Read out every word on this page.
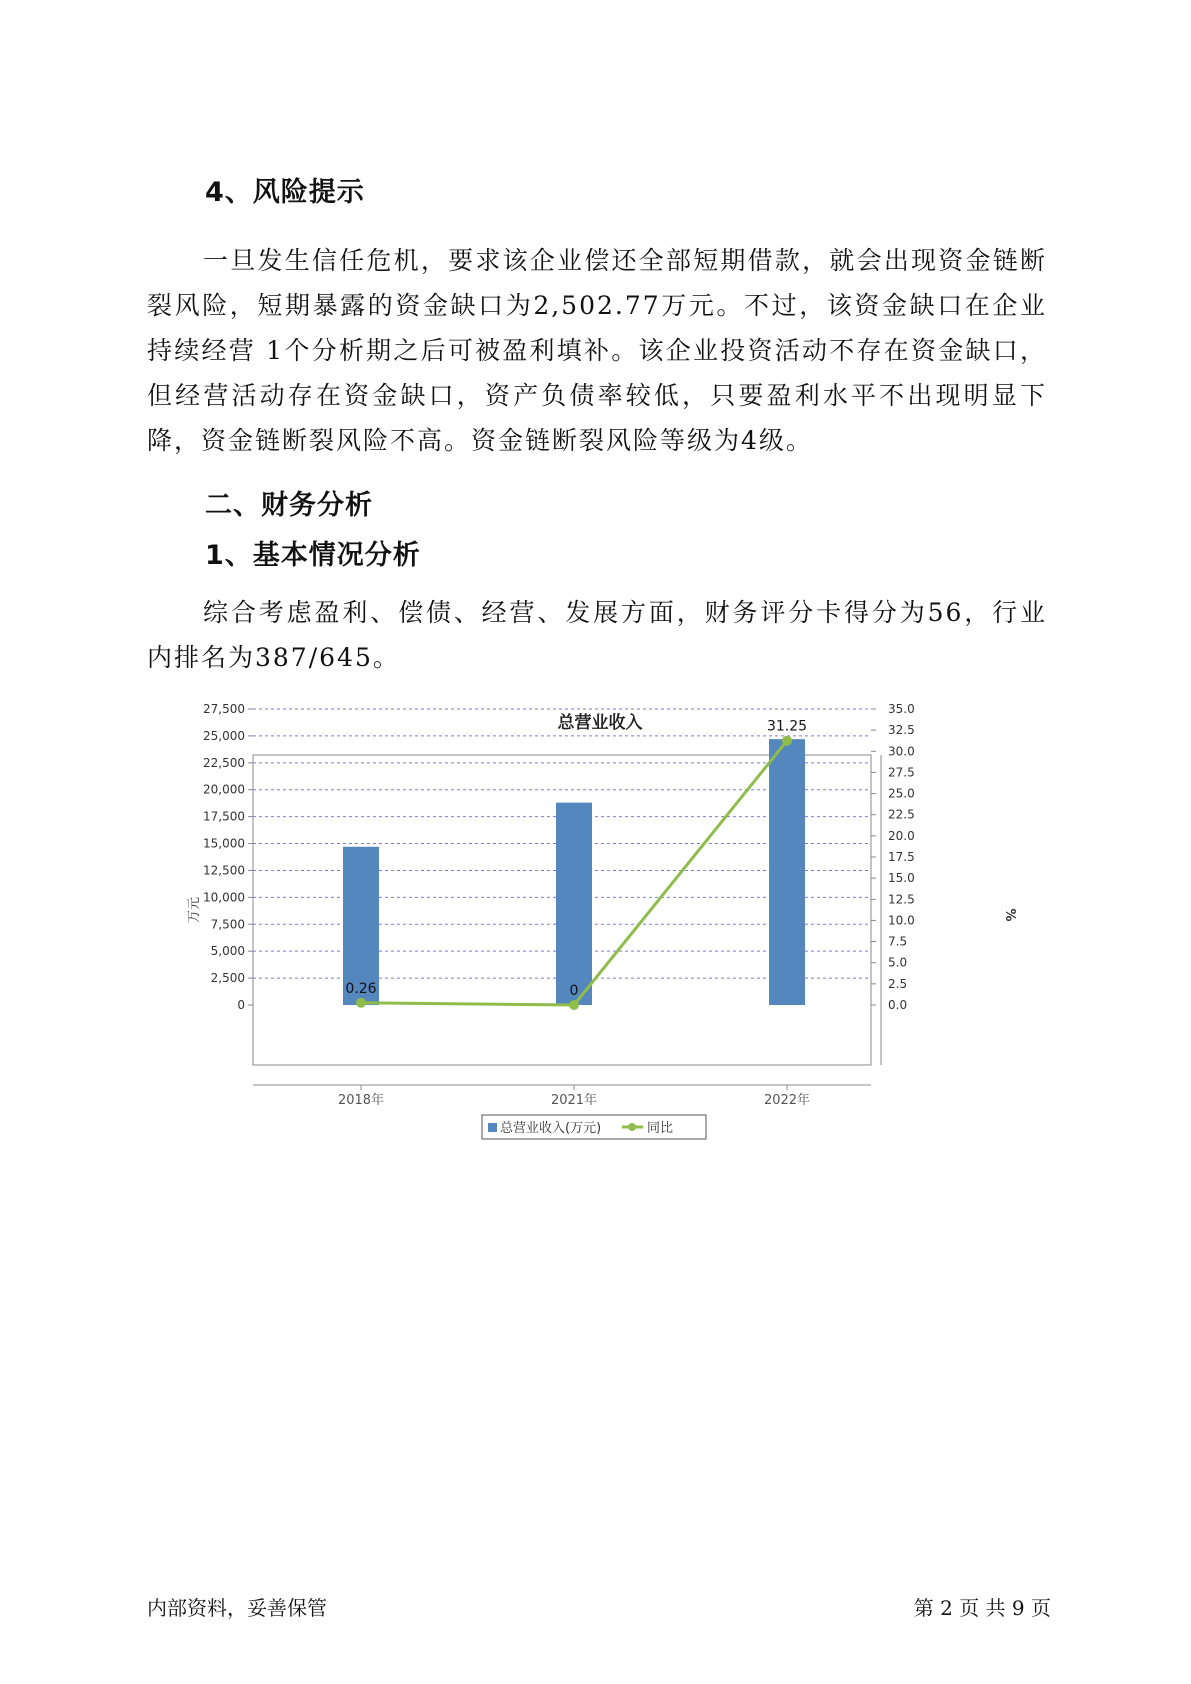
4、风险提示

一旦发生信任危机，要求该企业偿还全部短期借款，就会出现资金链断裂风险，短期暴露的资金缺口为2,502.77万元。不过，该资金缺口在企业持续经营 1个分析期之后可被盈利填补。该企业投资活动不存在资金缺口，但经营活动存在资金缺口，资产负债率较低，只要盈利水平不出现明显下降，资金链断裂风险不高。资金链断裂风险等级为4级。

二、财务分析
1、基本情况分析

综合考虑盈利、偿债、经营、发展方面，财务评分卡得分为56，行业内排名为387/645。

总营业收入
0
2,500
5,000
7,500
10,000
12,500
15,000
17,500
20,000
22,500
25,000
27,500
0.0
2.5
5.0
7.5
10.0
12.5
15.0
17.5
20.0
22.5
25.0
27.5
30.0
32.5
35.0
万元	%
0.26	0
31.25
2018年	2021年	2022年
总营业收入(万元)	同比
内部资料，妥善保管	第 2 页 共 9 页
